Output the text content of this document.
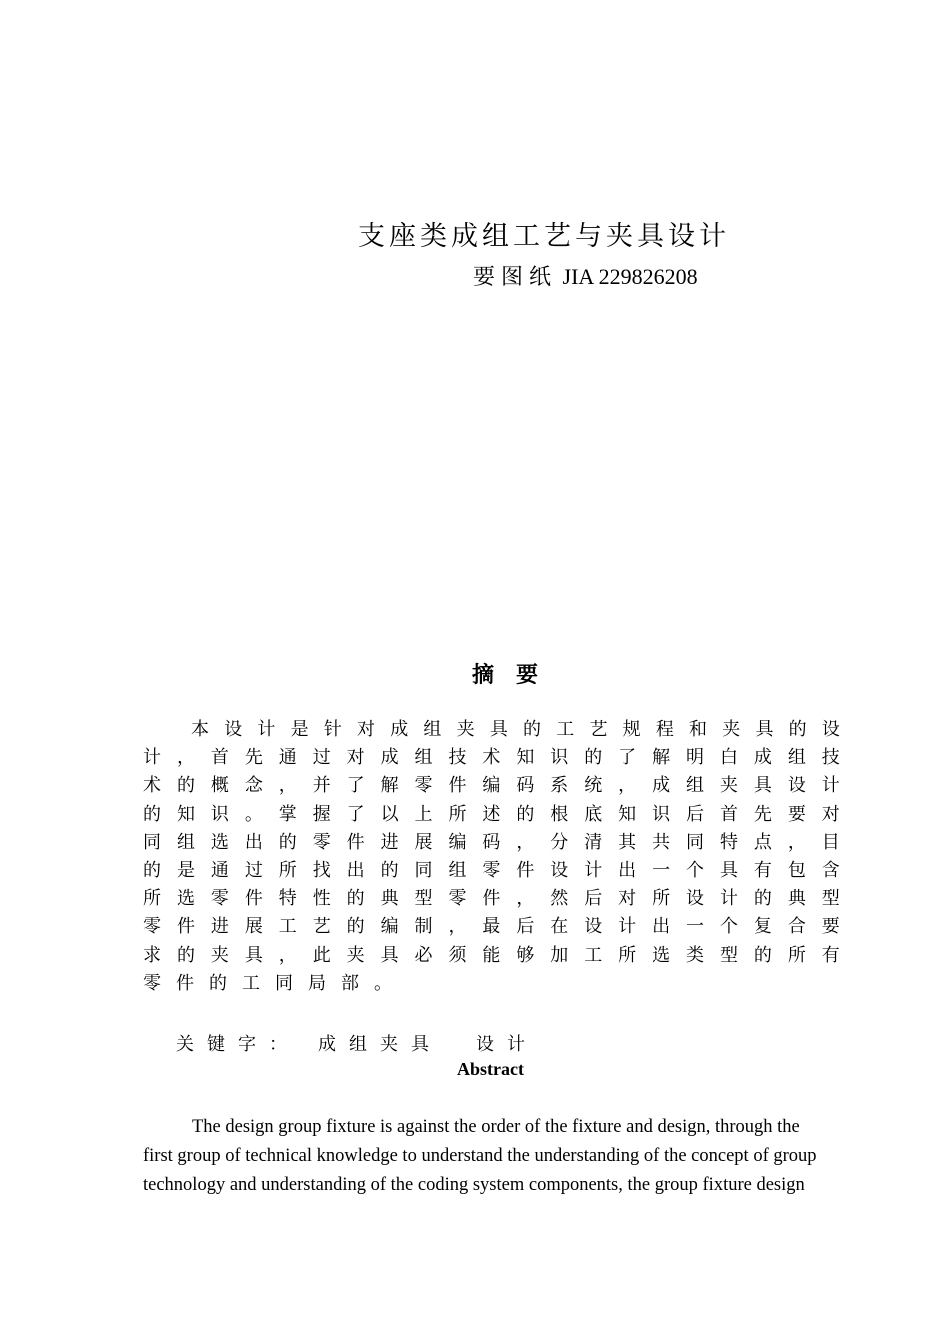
支座类成组工艺与夹具设计
要图纸 JIA 229826208
摘要
本 设 计 是 针 对 成 组 夹 具 的 工 艺 规 程 和 夹 具 的 设
计 ， 首 先 通 过 对 成 组 技 术 知 识 的 了 解 明 白 成 组 技
术 的 概 念 ， 并 了 解 零 件 编 码 系 统 ， 成 组 夹 具 设 计
的 知 识 。 掌 握 了 以 上 所 述 的 根 底 知 识 后 首 先 要 对
同 组 选 出 的 零 件 进 展 编 码 ， 分 清 其 共 同 特 点 ， 目
的 是 通 过 所 找 出 的 同 组 零 件 设 计 出 一 个 具 有 包 含
所 选 零 件 特 性 的 典 型 零 件 ， 然 后 对 所 设 计 的 典 型
零 件 进 展 工 艺 的 编 制 ， 最 后 在 设 计 出 一 个 复 合 要
求 的 夹 具 ， 此 夹 具 必 须 能 够 加 工 所 选 类 型 的 所 有
零 件 的 工 同 局 部 。
关键字： 成组夹具 设计
Abstract
The design group fixture is against the order of the fixture and design, through the
first group of technical knowledge to understand the understanding of the concept of group
technology and understanding of the coding system components, the group fixture design
